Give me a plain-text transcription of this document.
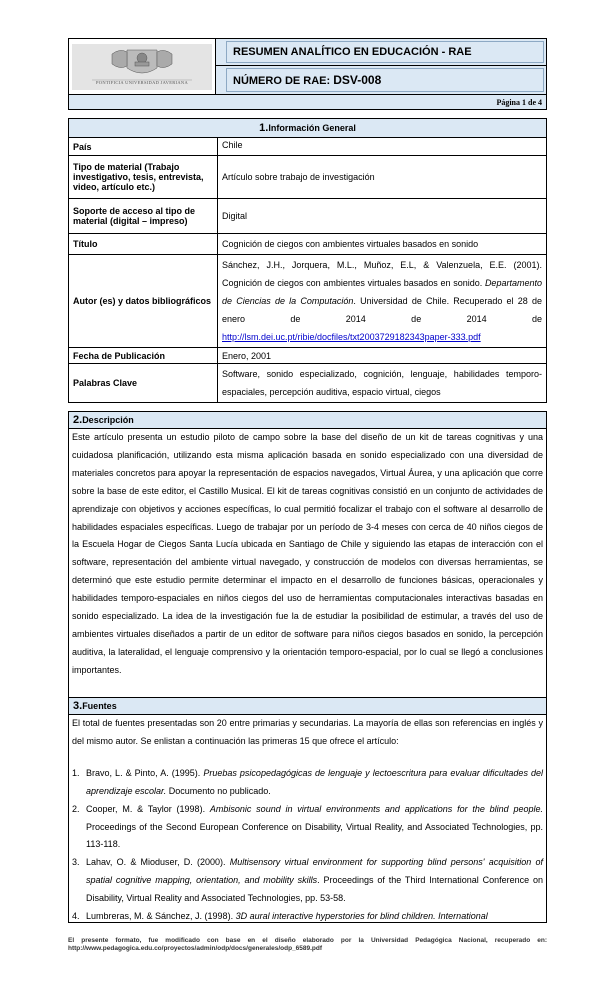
PONTIFICIA UNIVERSIDAD JAVERIANA

RESUMEN ANALÍTICO EN EDUCACIÓN - RAE

NÚMERO DE RAE: DSV-008

Página 1 de 4
1.Información General	
País	Chile
Tipo de material (Trabajo investigativo, tesis, entrevista, video, artículo etc.)	Artículo sobre trabajo de investigación
Soporte de acceso al tipo de material (digital – impreso)	Digital
Título	Cognición de ciegos con ambientes virtuales basados en sonido
Autor (es) y datos bibliográficos	Sánchez, J.H., Jorquera, M.L., Muñoz, E.L, & Valenzuela, E.E. (2001). Cognición de ciegos con ambientes virtuales basados en sonido. Departamento de Ciencias de la Computación. Universidad de Chile. Recuperado el 28 de enero de 2014 de 2014 de http://lsm.dei.uc.pt/ribie/docfiles/txt2003729182343paper-333.pdf
Fecha de Publicación	Enero, 2001
Palabras Clave	Software, sonido especializado, cognición, lenguaje, habilidades temporo-espaciales, percepción auditiva, espacio virtual, ciegos
2.Descripción
Este artículo presenta un estudio piloto de campo sobre la base del diseño de un kit de tareas cognitivas y una cuidadosa planificación, utilizando esta misma aplicación basada en sonido especializado con una diversidad de materiales concretos para apoyar la representación de espacios navegados, Virtual Áurea, y una aplicación que corre sobre la base de este editor, el Castillo Musical. El kit de tareas cognitivas consistió en un conjunto de actividades de aprendizaje con objetivos y acciones específicas, lo cual permitió focalizar el trabajo con el software al desarrollo de habilidades espaciales específicas. Luego de trabajar por un período de 3-4 meses con cerca de 40 niños ciegos de la Escuela Hogar de Ciegos Santa Lucía ubicada en Santiago de Chile y siguiendo las etapas de interacción con el software, representación del ambiente virtual navegado, y construcción de modelos con diversas herramientas, se determinó que este estudio permite determinar el impacto en el desarrollo de funciones básicas, operacionales y habilidades temporo-espaciales en niños ciegos del uso de herramientas computacionales interactivas basadas en sonido especializado. La idea de la investigación fue la de estudiar la posibilidad de estimular, a través del uso de ambientes virtuales diseñados a partir de un editor de software para niños ciegos basados en sonido, la percepción auditiva, la lateralidad, el lenguaje comprensivo y la orientación temporo-espacial, por lo cual se llegó a conclusiones importantes.
3.Fuentes
El total de fuentes presentadas son 20 entre primarias y secundarias. La mayoría de ellas son referencias en inglés y del mismo autor. Se enlistan a continuación las primeras 15 que ofrece el artículo:
1. Bravo, L. & Pinto, A. (1995). Pruebas psicopedagógicas de lenguaje y lectoescritura para evaluar dificultades del aprendizaje escolar. Documento no publicado.
2. Cooper, M. & Taylor (1998). Ambisonic sound in virtual environments and applications for the blind people. Proceedings of the Second European Conference on Disability, Virtual Reality, and Associated Technologies, pp. 113-118.
3. Lahav, O. & Mioduser, D. (2000). Multisensory virtual environment for supporting blind persons' acquisition of spatial cognitive mapping, orientation, and mobility skills. Proceedings of the Third International Conference on Disability, Virtual Reality and Associated Technologies, pp. 53-58.
4. Lumbreras, M. & Sánchez, J. (1998). 3D aural interactive hyperstories for blind children. International
El presente formato, fue modificado con base en el diseño elaborado por la Universidad Pedagógica Nacional, recuperado en: http://www.pedagogica.edu.co/proyectos/admin/odp/docs/generales/odp_6589.pdf
